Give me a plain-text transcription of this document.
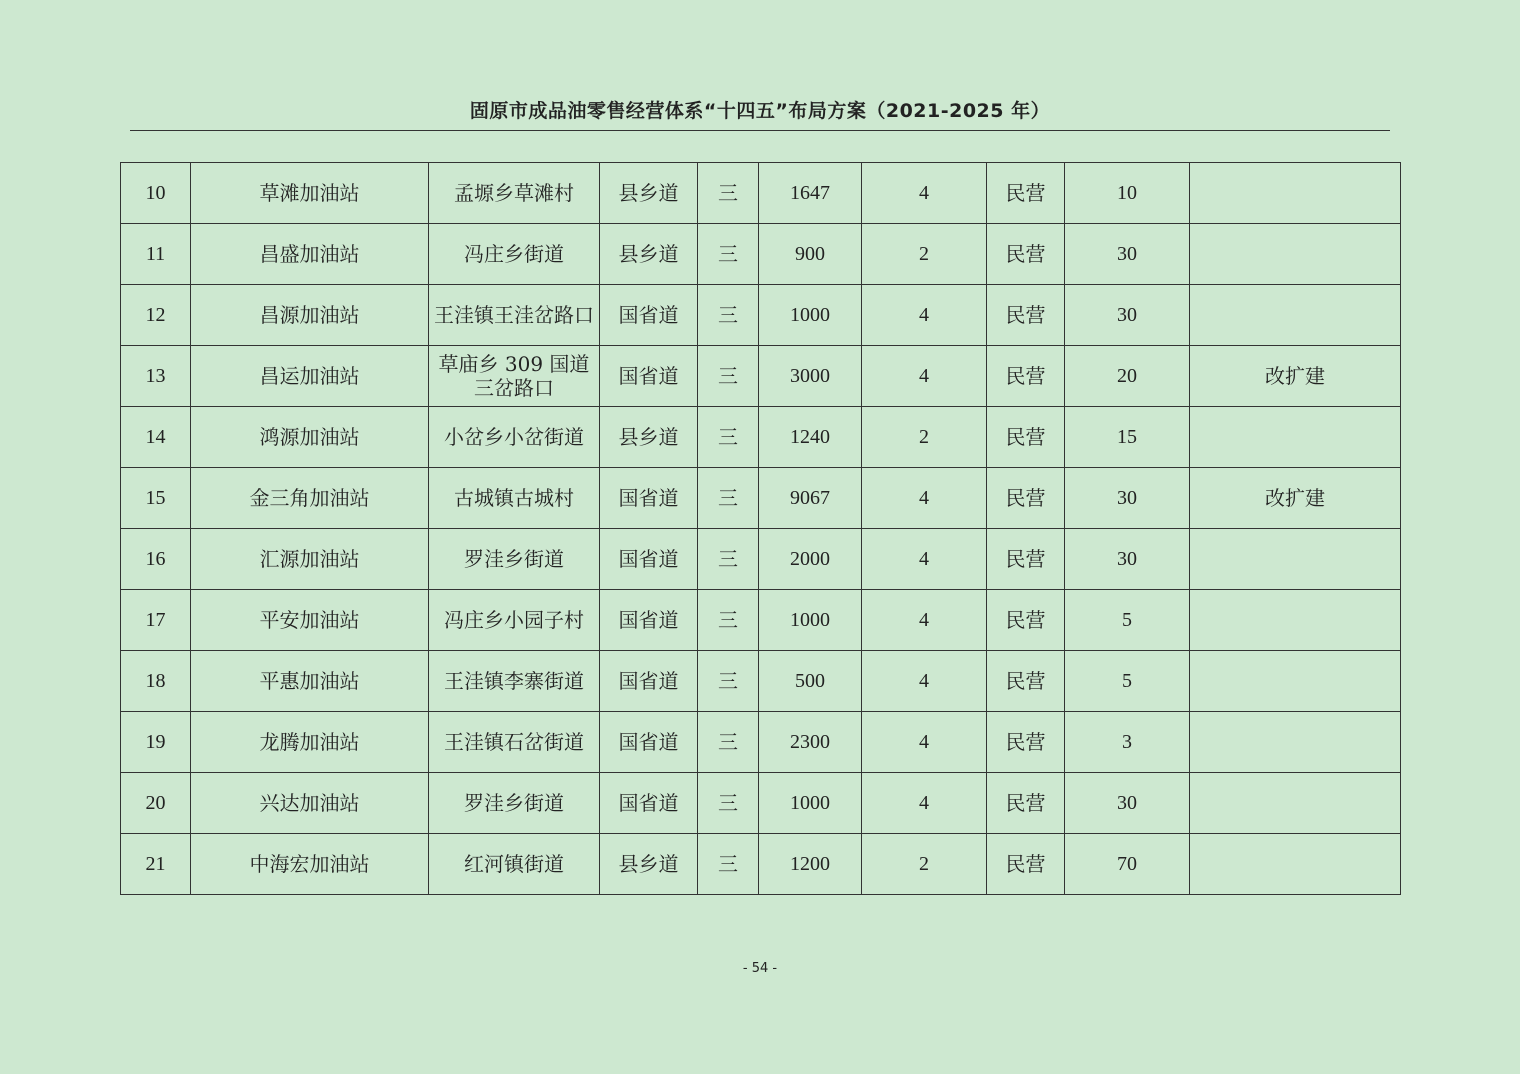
固原市成品油零售经营体系“十四五”布局方案（2021-2025 年）
10	草滩加油站	孟塬乡草滩村	县乡道	三	1647	4	民营	10	
11	昌盛加油站	冯庄乡街道	县乡道	三	900	2	民营	30	
12	昌源加油站	王洼镇王洼岔路口	国省道	三	1000	4	民营	30	
13	昌运加油站	草庙乡 309 国道三岔路口	国省道	三	3000	4	民营	20	改扩建
14	鸿源加油站	小岔乡小岔街道	县乡道	三	1240	2	民营	15	
15	金三角加油站	古城镇古城村	国省道	三	9067	4	民营	30	改扩建
16	汇源加油站	罗洼乡街道	国省道	三	2000	4	民营	30	
17	平安加油站	冯庄乡小园子村	国省道	三	1000	4	民营	5	
18	平惠加油站	王洼镇李寨街道	国省道	三	500	4	民营	5	
19	龙腾加油站	王洼镇石岔街道	国省道	三	2300	4	民营	3	
20	兴达加油站	罗洼乡街道	国省道	三	1000	4	民营	30	
21	中海宏加油站	红河镇街道	县乡道	三	1200	2	民营	70	
- 54 -
